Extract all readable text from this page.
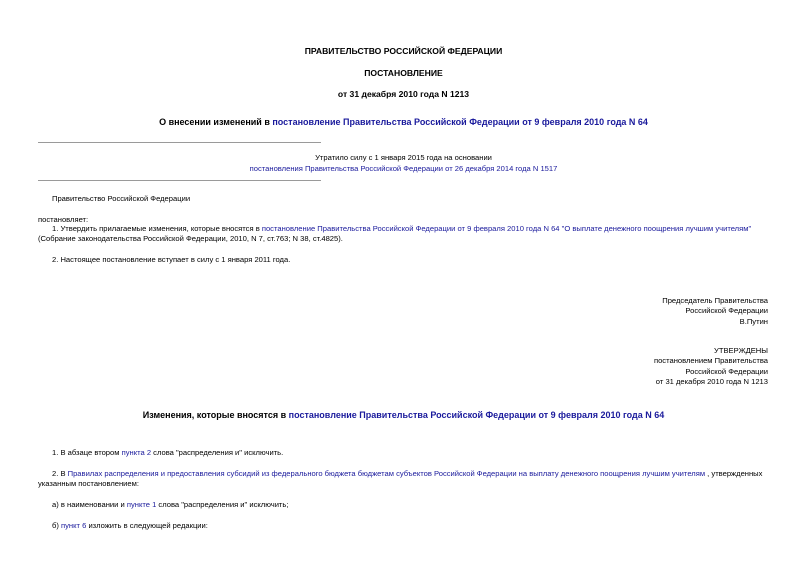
ПРАВИТЕЛЬСТВО РОССИЙСКОЙ ФЕДЕРАЦИИ
ПОСТАНОВЛЕНИЕ
от 31 декабря 2010 года N 1213
О внесении изменений в постановление Правительства Российской Федерации от 9 февраля 2010 года N 64
Утратило силу с 1 января 2015 года на основании
постановления Правительства Российской Федерации от 26 декабря 2014 года N 1517
Правительство Российской Федерации
постановляет:
1. Утвердить прилагаемые изменения, которые вносятся в постановление Правительства Российской Федерации от 9 февраля 2010 года N 64 "О выплате денежного поощрения лучшим учителям" (Собрание законодательства Российской Федерации, 2010, N 7, ст.763; N 38, ст.4825).
2. Настоящее постановление вступает в силу с 1 января 2011 года.
Председатель Правительства
Российской Федерации
В.Путин
УТВЕРЖДЕНЫ
постановлением Правительства
Российской Федерации
от 31 декабря 2010 года N 1213
Изменения, которые вносятся в постановление Правительства Российской Федерации от 9 февраля 2010 года N 64
1. В абзаце втором пункта 2 слова "распределения и" исключить.
2. В Правилах распределения и предоставления субсидий из федерального бюджета бюджетам субъектов Российской Федерации на выплату денежного поощрения лучшим учителям , утвержденных указанным постановлением:
а) в наименовании и пункте 1 слова "распределения и" исключить;
б) пункт 6 изложить в следующей редакции:
